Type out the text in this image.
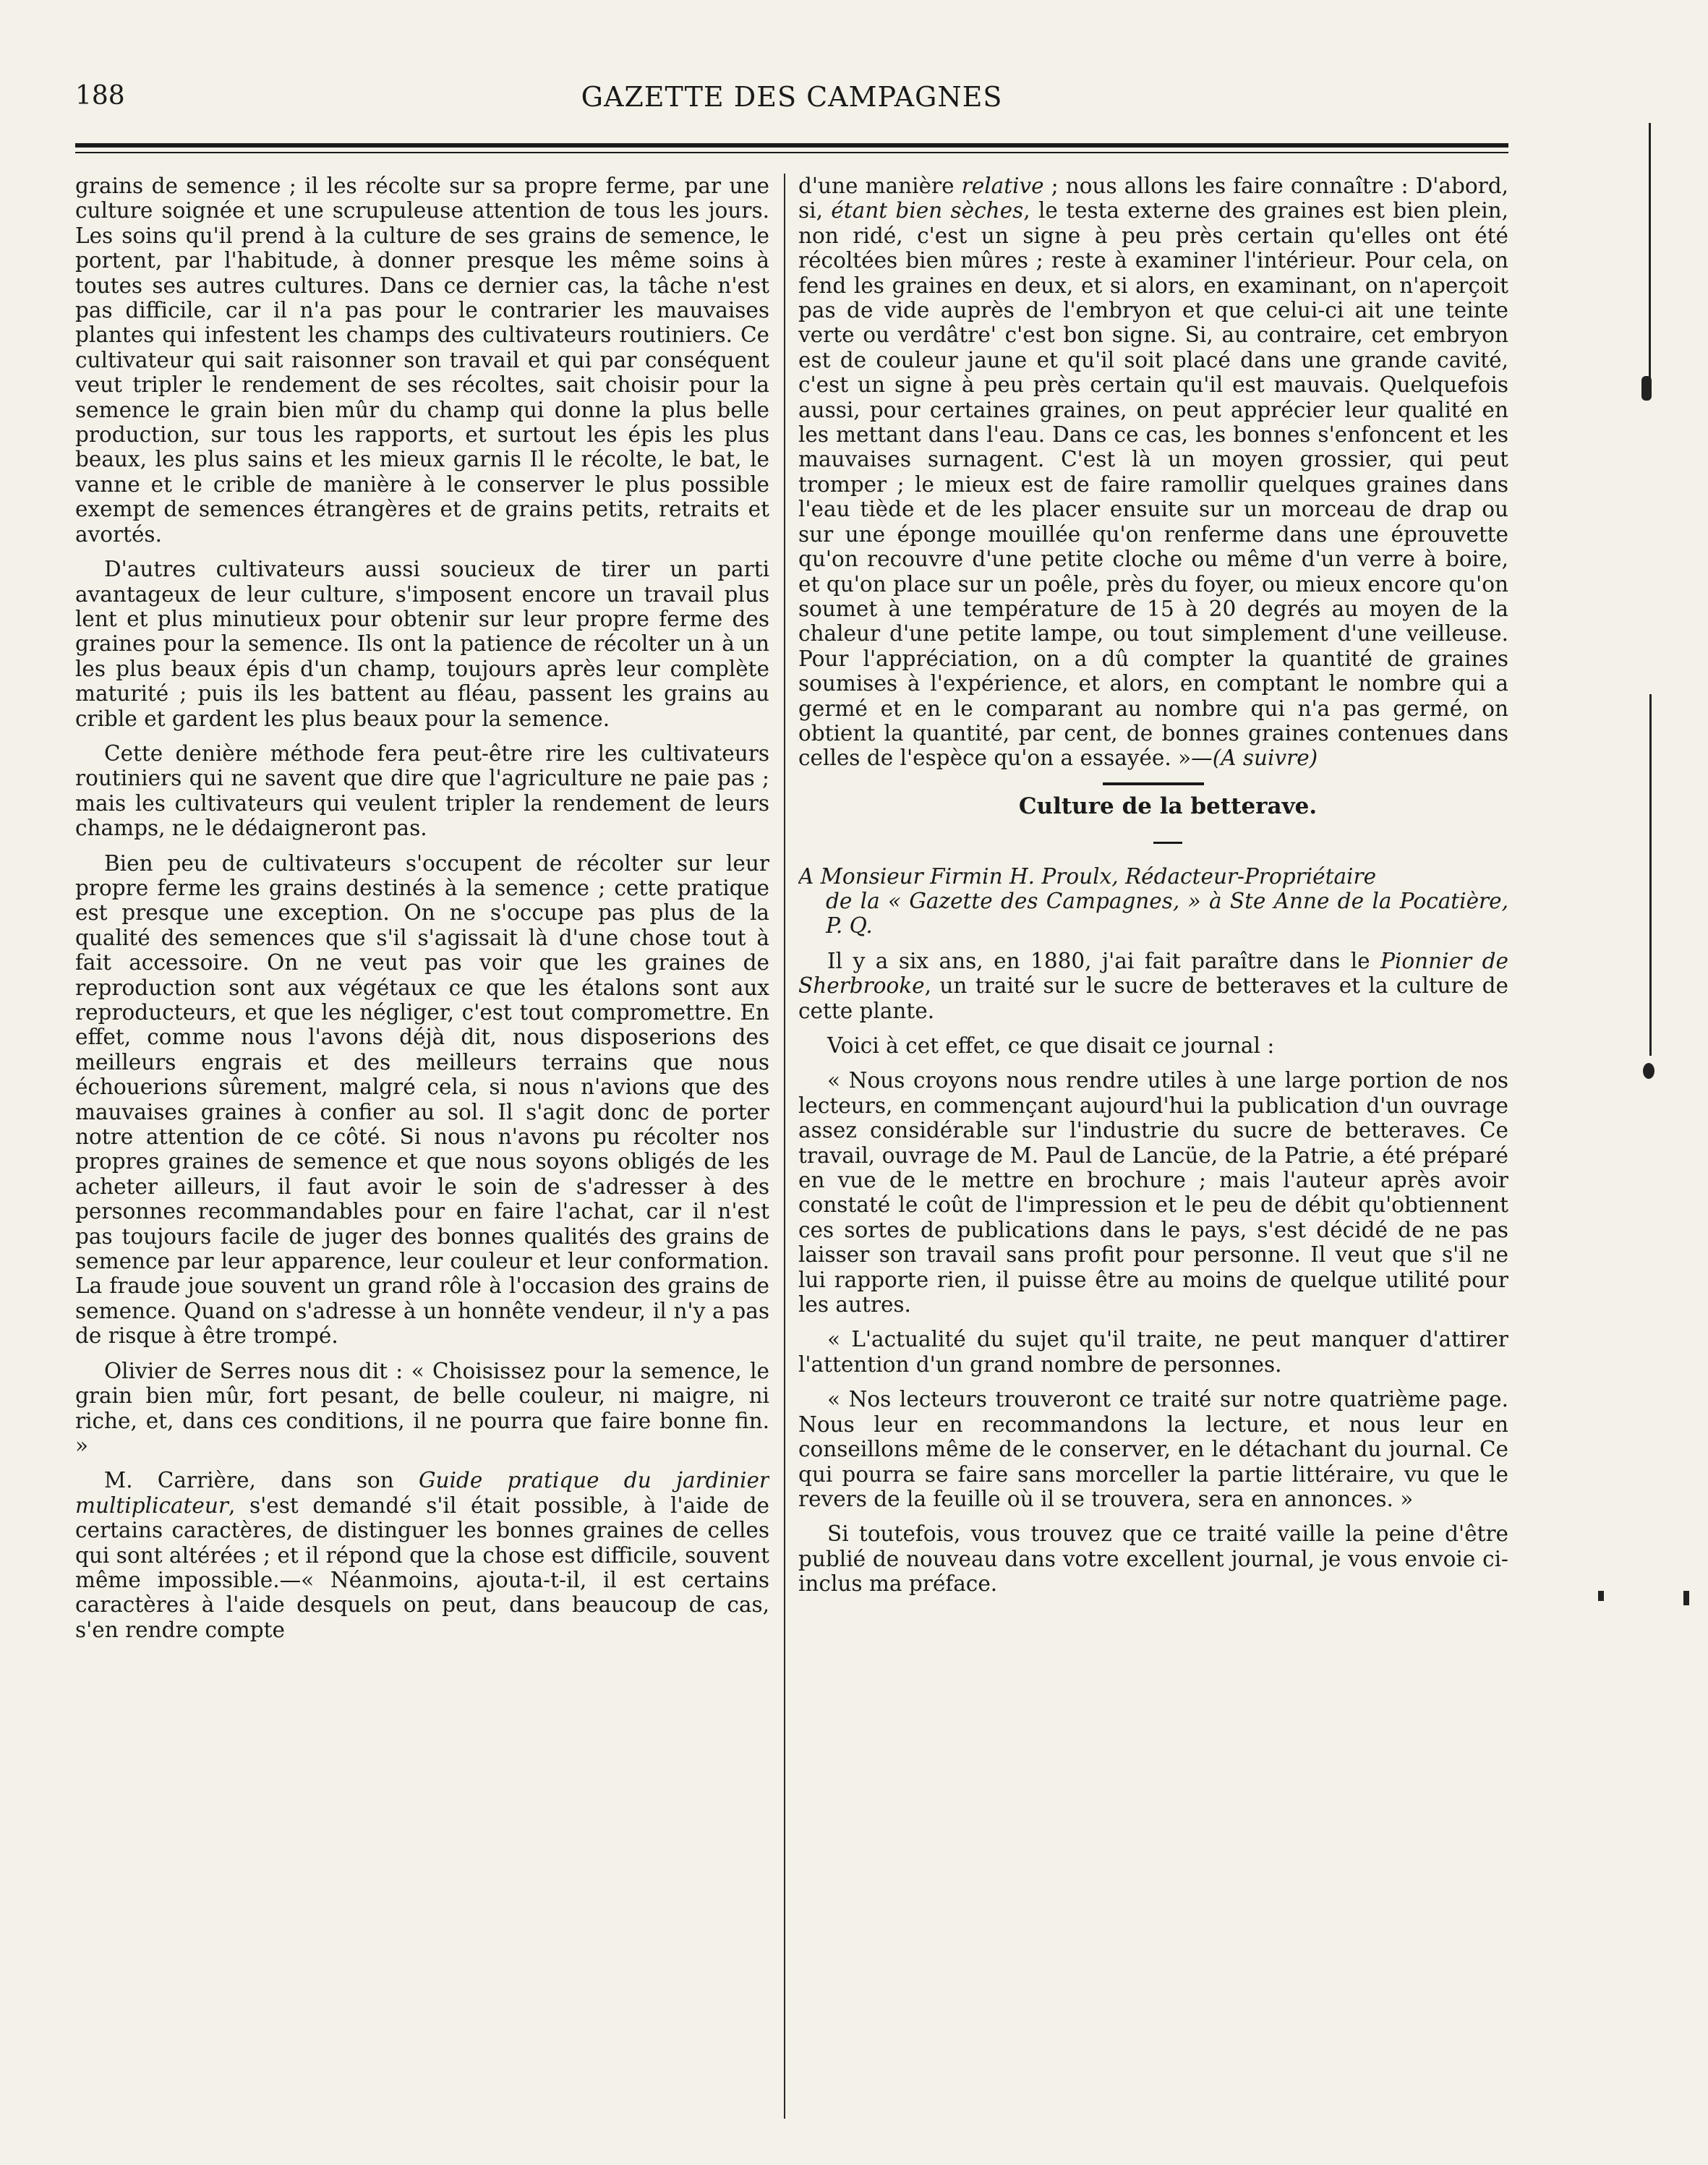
188	GAZETTE DES CAMPAGNES

grains de semence ; il les récolte sur sa propre ferme, par une culture soignée et une scrupuleuse attention de tous les jours. Les soins qu'il prend à la culture de ses grains de semence, le portent, par l'habitude, à donner presque les même soins à toutes ses autres cultures. Dans ce dernier cas, la tâche n'est pas difficile, car il n'a pas pour le contrarier les mauvaises plantes qui infestent les champs des cultivateurs routiniers. Ce cultivateur qui sait raisonner son travail et qui par conséquent veut tripler le rendement de ses récoltes, sait choisir pour la semence le grain bien mûr du champ qui donne la plus belle production, sur tous les rapports, et surtout les épis les plus beaux, les plus sains et les mieux garnis Il le récolte, le bat, le vanne et le crible de manière à le conserver le plus possible exempt de semences étrangères et de grains petits, retraits et avortés.

D'autres cultivateurs aussi soucieux de tirer un parti avantageux de leur culture, s'imposent encore un travail plus lent et plus minutieux pour obtenir sur leur propre ferme des graines pour la semence. Ils ont la patience de récolter un à un les plus beaux épis d'un champ, toujours après leur complète maturité ; puis ils les battent au fléau, passent les grains au crible et gardent les plus beaux pour la semence.

Cette denière méthode fera peut-être rire les cultivateurs routiniers qui ne savent que dire que l'agriculture ne paie pas ; mais les cultivateurs qui veulent tripler la rendement de leurs champs, ne le dédaigneront pas.

Bien peu de cultivateurs s'occupent de récolter sur leur propre ferme les grains destinés à la semence ; cette pratique est presque une exception. On ne s'occupe pas plus de la qualité des semences que s'il s'agissait là d'une chose tout à fait accessoire. On ne veut pas voir que les graines de reproduction sont aux végétaux ce que les étalons sont aux reproducteurs, et que les négliger, c'est tout compromettre. En effet, comme nous l'avons déjà dit, nous disposerions des meilleurs engrais et des meilleurs terrains que nous échouerions sûrement, malgré cela, si nous n'avions que des mauvaises graines à confier au sol. Il s'agit donc de porter notre attention de ce côté. Si nous n'avons pu récolter nos propres graines de semence et que nous soyons obligés de les acheter ailleurs, il faut avoir le soin de s'adresser à des personnes recommandables pour en faire l'achat, car il n'est pas toujours facile de juger des bonnes qualités des grains de semence par leur apparence, leur couleur et leur conformation. La fraude joue souvent un grand rôle à l'occasion des grains de semence. Quand on s'adresse à un honnête vendeur, il n'y a pas de risque à être trompé.

Olivier de Serres nous dit : « Choisissez pour la semence, le grain bien mûr, fort pesant, de belle couleur, ni maigre, ni riche, et, dans ces conditions, il ne pourra que faire bonne fin. »

M. Carrière, dans son Guide pratique du jardinier multiplicateur, s'est demandé s'il était possible, à l'aide de certains caractères, de distinguer les bonnes graines de celles qui sont altérées ; et il répond que la chose est difficile, souvent même impossible.—« Néanmoins, ajouta-t-il, il est certains caractères à l'aide desquels on peut, dans beaucoup de cas, s'en rendre compte

d'une manière relative ; nous allons les faire connaître : D'abord, si, étant bien sèches, le testa externe des graines est bien plein, non ridé, c'est un signe à peu près certain qu'elles ont été récoltées bien mûres ; reste à examiner l'intérieur. Pour cela, on fend les graines en deux, et si alors, en examinant, on n'aperçoit pas de vide auprès de l'embryon et que celui-ci ait une teinte verte ou verdâtre' c'est bon signe. Si, au contraire, cet embryon est de couleur jaune et qu'il soit placé dans une grande cavité, c'est un signe à peu près certain qu'il est mauvais. Quelquefois aussi, pour certaines graines, on peut apprécier leur qualité en les mettant dans l'eau. Dans ce cas, les bonnes s'enfoncent et les mauvaises surnagent. C'est là un moyen grossier, qui peut tromper ; le mieux est de faire ramollir quelques graines dans l'eau tiède et de les placer ensuite sur un morceau de drap ou sur une éponge mouillée qu'on renferme dans une éprouvette qu'on recouvre d'une petite cloche ou même d'un verre à boire, et qu'on place sur un poêle, près du foyer, ou mieux encore qu'on soumet à une température de 15 à 20 degrés au moyen de la chaleur d'une petite lampe, ou tout simplement d'une veilleuse. Pour l'appréciation, on a dû compter la quantité de graines soumises à l'expérience, et alors, en comptant le nombre qui a germé et en le comparant au nombre qui n'a pas germé, on obtient la quantité, par cent, de bonnes graines contenues dans celles de l'espèce qu'on a essayée. »—(A suivre)

Culture de la betterave.

A Monsieur Firmin H. Proulx, Rédacteur-Propriétaire
de la « Gazette des Campagnes, » à Ste Anne de la Pocatière, P. Q.

Il y a six ans, en 1880, j'ai fait paraître dans le Pionnier de Sherbrooke, un traité sur le sucre de betteraves et la culture de cette plante.

Voici à cet effet, ce que disait ce journal :

« Nous croyons nous rendre utiles à une large portion de nos lecteurs, en commençant aujourd'hui la publication d'un ouvrage assez considérable sur l'industrie du sucre de betteraves. Ce travail, ouvrage de M. Paul de Lancüe, de la Patrie, a été préparé en vue de le mettre en brochure ; mais l'auteur après avoir constaté le coût de l'impression et le peu de débit qu'obtiennent ces sortes de publications dans le pays, s'est décidé de ne pas laisser son travail sans profit pour personne. Il veut que s'il ne lui rapporte rien, il puisse être au moins de quelque utilité pour les autres.

« L'actualité du sujet qu'il traite, ne peut manquer d'attirer l'attention d'un grand nombre de personnes.

« Nos lecteurs trouveront ce traité sur notre quatrième page. Nous leur en recommandons la lecture, et nous leur en conseillons même de le conserver, en le détachant du journal. Ce qui pourra se faire sans morceller la partie littéraire, vu que le revers de la feuille où il se trouvera, sera en annonces. »

Si toutefois, vous trouvez que ce traité vaille la peine d'être publié de nouveau dans votre excellent journal, je vous envoie ci-inclus ma préface.
